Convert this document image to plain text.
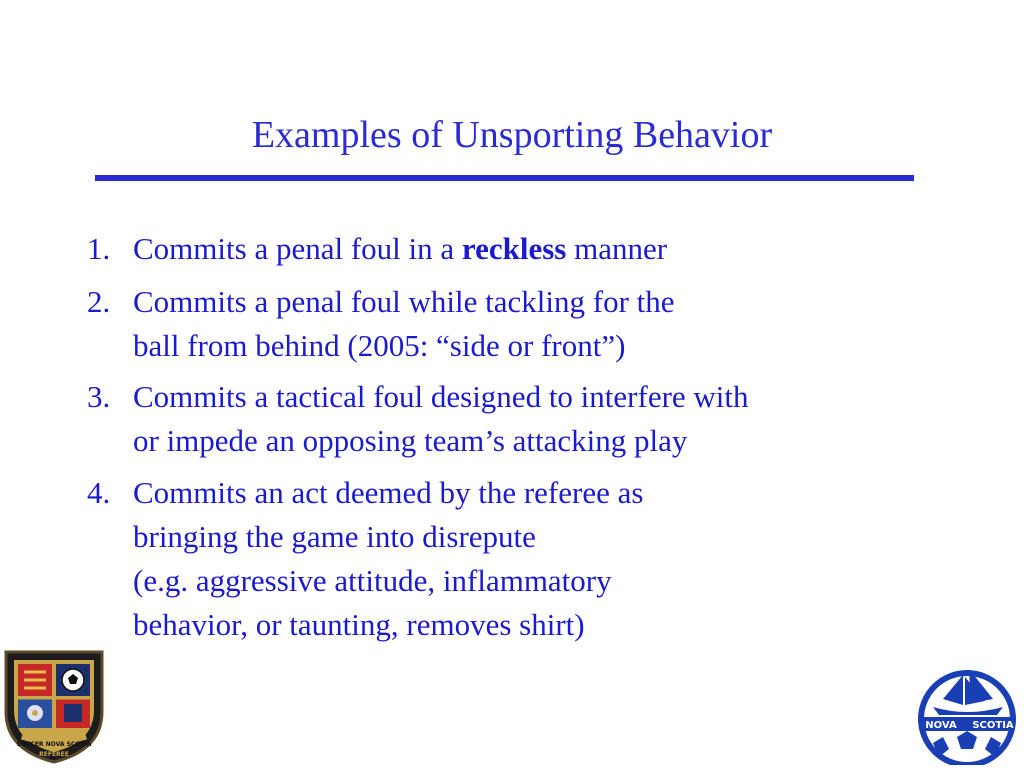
Examples of Unsporting Behavior
1. Commits a penal foul in a reckless manner
2. Commits a penal foul while tackling for the
ball from behind (2005: “side or front”)
3. Commits a tactical foul designed to interfere with
or impede an opposing team’s attacking play
4. Commits an act deemed by the referee as
bringing the game into disrepute
(e.g. aggressive attitude, inflammatory
behavior, or taunting, removes shirt)
SOCCER NOVA SCOTIA
REFEREE
NOVA SCOTIA
